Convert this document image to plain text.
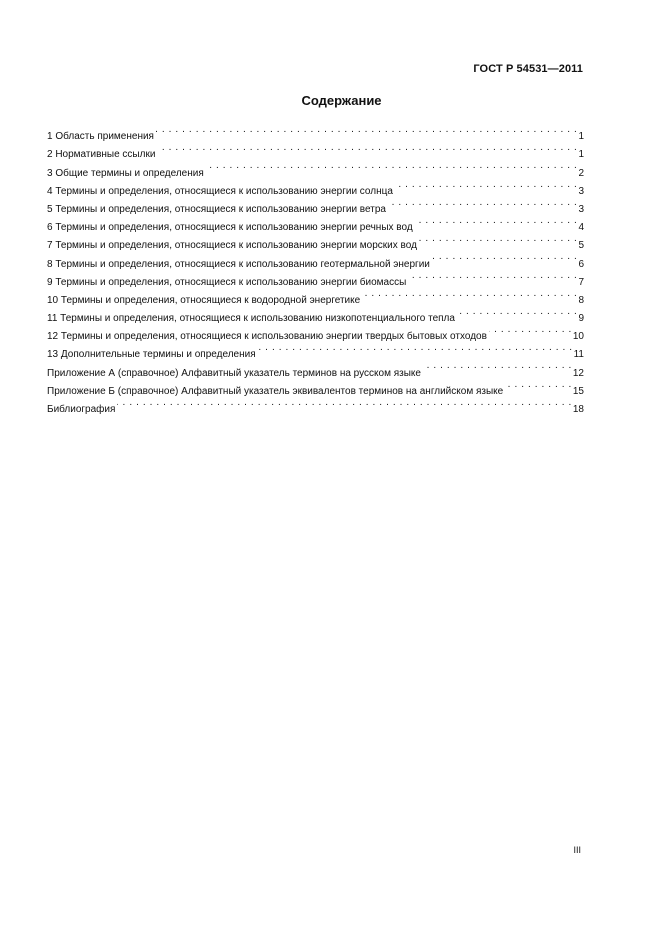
ГОСТ Р 54531—2011
Содержание
1 Область применения . . .	1
2 Нормативные ссылки . . .	1
3 Общие термины и определения . . .	2
4 Термины и определения, относящиеся к использованию энергии солнца . . .	3
5 Термины и определения, относящиеся к использованию энергии ветра . . .	3
6 Термины и определения, относящиеся к использованию энергии речных вод . . .	4
7 Термины и определения, относящиеся к использованию энергии морских вод . . .	5
8 Термины и определения, относящиеся к использованию геотермальной энергии . . .	6
9 Термины и определения, относящиеся к использованию энергии биомассы . . .	7
10 Термины и определения, относящиеся к водородной энергетике . . .	8
11 Термины и определения, относящиеся к использованию низкопотенциального тепла . . .	9
12 Термины и определения, относящиеся к использованию энергии твердых бытовых отходов . . .	10
13 Дополнительные термины и определения . . .	11
Приложение А (справочное) Алфавитный указатель терминов на русском языке . . .	12
Приложение Б (справочное) Алфавитный указатель эквивалентов терминов на английском языке . . .	15
Библиография . . .	18
III
